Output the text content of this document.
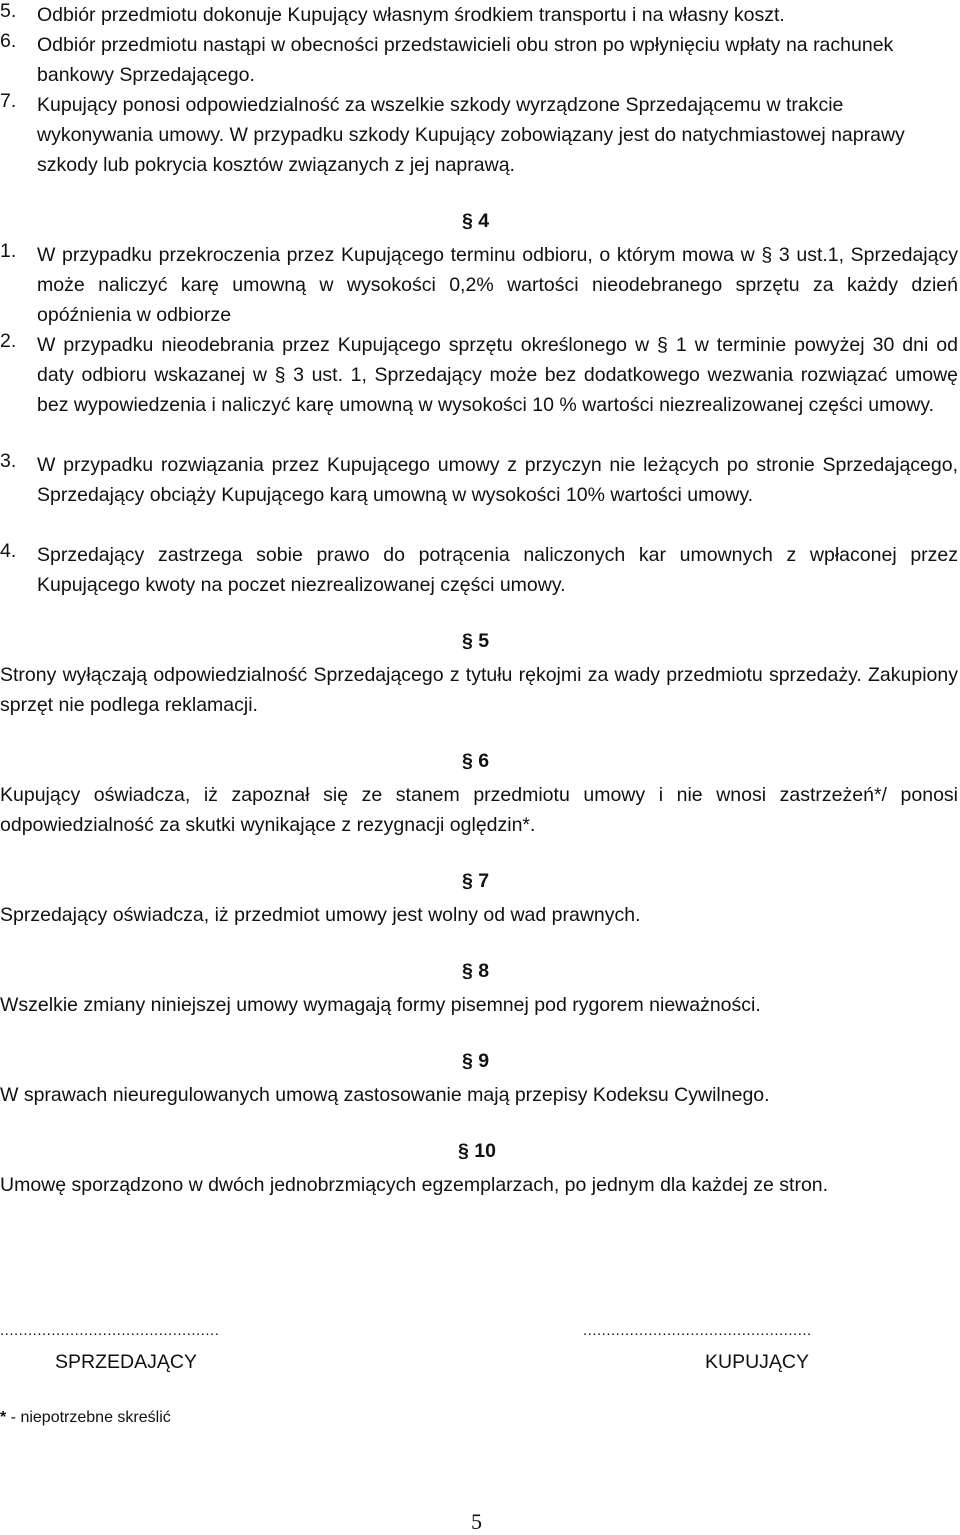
5. Odbiór przedmiotu dokonuje Kupujący własnym środkiem transportu i na własny koszt.
6. Odbiór przedmiotu nastąpi w obecności przedstawicieli obu stron po wpłynięciu wpłaty na rachunek bankowy Sprzedającego.
7. Kupujący ponosi odpowiedzialność za wszelkie szkody wyrządzone Sprzedającemu w trakcie wykonywania umowy. W przypadku szkody Kupujący zobowiązany jest do natychmiastowej naprawy szkody lub pokrycia kosztów związanych z jej naprawą.
§ 4
1. W przypadku przekroczenia przez Kupującego terminu odbioru, o którym mowa w § 3 ust.1, Sprzedający może naliczyć karę umowną w wysokości 0,2% wartości nieodebranego sprzętu za każdy dzień opóźnienia w odbiorze
2. W przypadku nieodebrania przez Kupującego sprzętu określonego w § 1 w terminie powyżej 30 dni od daty odbioru wskazanej w § 3 ust. 1, Sprzedający może bez dodatkowego wezwania rozwiązać umowę bez wypowiedzenia i naliczyć karę umowną w wysokości 10 % wartości niezrealizowanej części umowy.
3. W przypadku rozwiązania przez Kupującego umowy z przyczyn nie leżących po stronie Sprzedającego, Sprzedający obciąży Kupującego karą umowną w wysokości 10% wartości umowy.
4. Sprzedający zastrzega sobie prawo do potrącenia naliczonych kar umownych z wpłaconej przez Kupującego kwoty na poczet niezrealizowanej części umowy.
§ 5
Strony wyłączają odpowiedzialność Sprzedającego z tytułu rękojmi za wady przedmiotu sprzedaży. Zakupiony sprzęt nie podlega reklamacji.
§ 6
Kupujący oświadcza, iż zapoznał się ze stanem przedmiotu umowy i nie wnosi zastrzeżeń*/ ponosi odpowiedzialność za skutki wynikające z rezygnacji oględzin*.
§ 7
Sprzedający oświadcza, iż przedmiot umowy jest wolny od wad prawnych.
§ 8
Wszelkie zmiany niniejszej umowy wymagają formy pisemnej pod rygorem nieważności.
§ 9
W sprawach nieuregulowanych umową zastosowanie mają przepisy Kodeksu Cywilnego.
§ 10
Umowę sporządzono w dwóch jednobrzmiących egzemplarzach, po jednym dla każdej ze stron.
...............................................	.................................................
SPRZEDAJĄCY	KUPUJĄCY
* - niepotrzebne skreślić
5
